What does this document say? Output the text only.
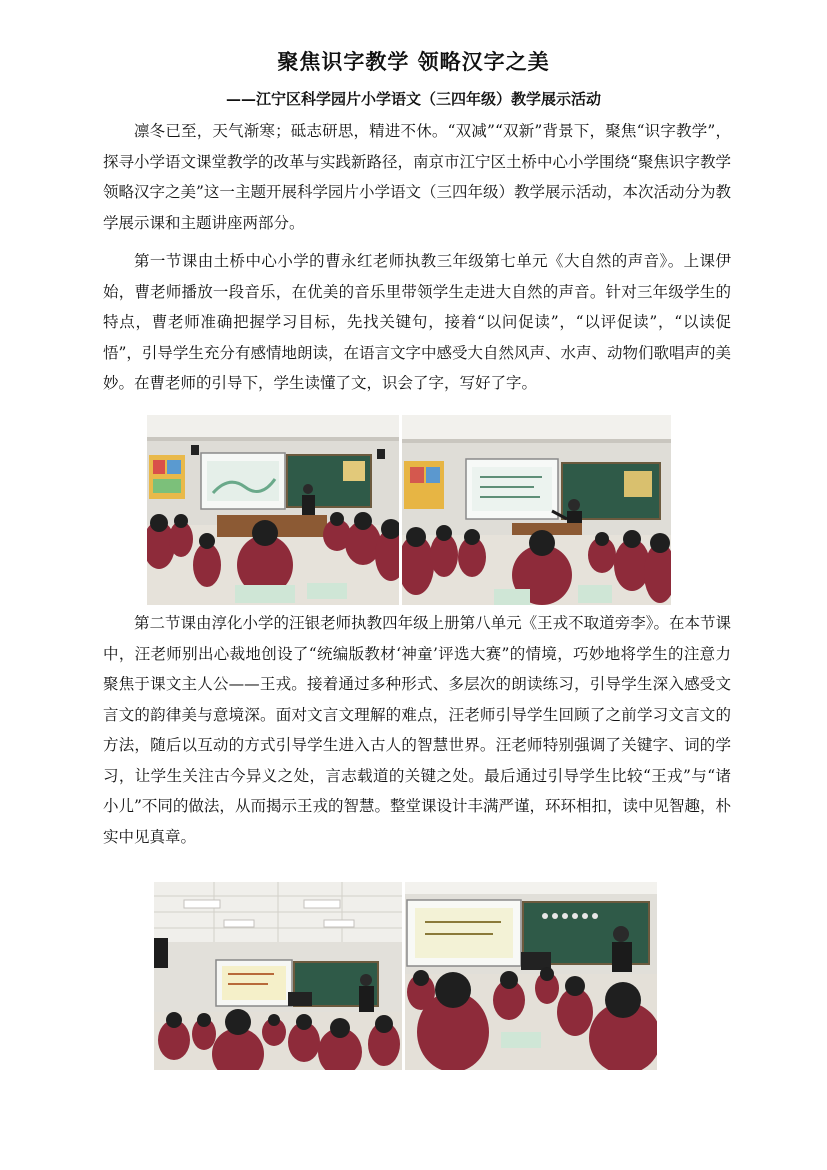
聚焦识字教学 领略汉字之美
——江宁区科学园片小学语文（三四年级）教学展示活动

凛冬已至，天气渐寒；砥志研思，精进不休。“双减”“双新”背景下，聚焦“识字教学”，探寻小学语文课堂教学的改革与实践新路径，南京市江宁区土桥中心小学围绕“聚焦识字教学 领略汉字之美”这一主题开展科学园片小学语文（三四年级）教学展示活动，本次活动分为教学展示课和主题讲座两部分。

第一节课由土桥中心小学的曹永红老师执教三年级第七单元《大自然的声音》。上课伊始，曹老师播放一段音乐，在优美的音乐里带领学生走进大自然的声音。针对三年级学生的特点，曹老师准确把握学习目标，先找关键句，接着“以问促读”，“以评促读”，“以读促悟”，引导学生充分有感情地朗读，在语言文字中感受大自然风声、水声、动物们歌唱声的美妙。在曹老师的引导下，学生读懂了文，识会了字，写好了字。

第二节课由淳化小学的汪银老师执教四年级上册第八单元《王戎不取道旁李》。在本节课中，汪老师别出心裁地创设了“统编版教材‘神童’评选大赛”的情境，巧妙地将学生的注意力聚焦于课文主人公——王戎。接着通过多种形式、多层次的朗读练习，引导学生深入感受文言文的韵律美与意境深。面对文言文理解的难点，汪老师引导学生回顾了之前学习文言文的方法，随后以互动的方式引导学生进入古人的智慧世界。汪老师特别强调了关键字、词的学习，让学生关注古今异义之处，言志载道的关键之处。最后通过引导学生比较“王戎”与“诸小儿”不同的做法，从而揭示王戎的智慧。整堂课设计丰满严谨，环环相扣，读中见智趣，朴实中见真章。
